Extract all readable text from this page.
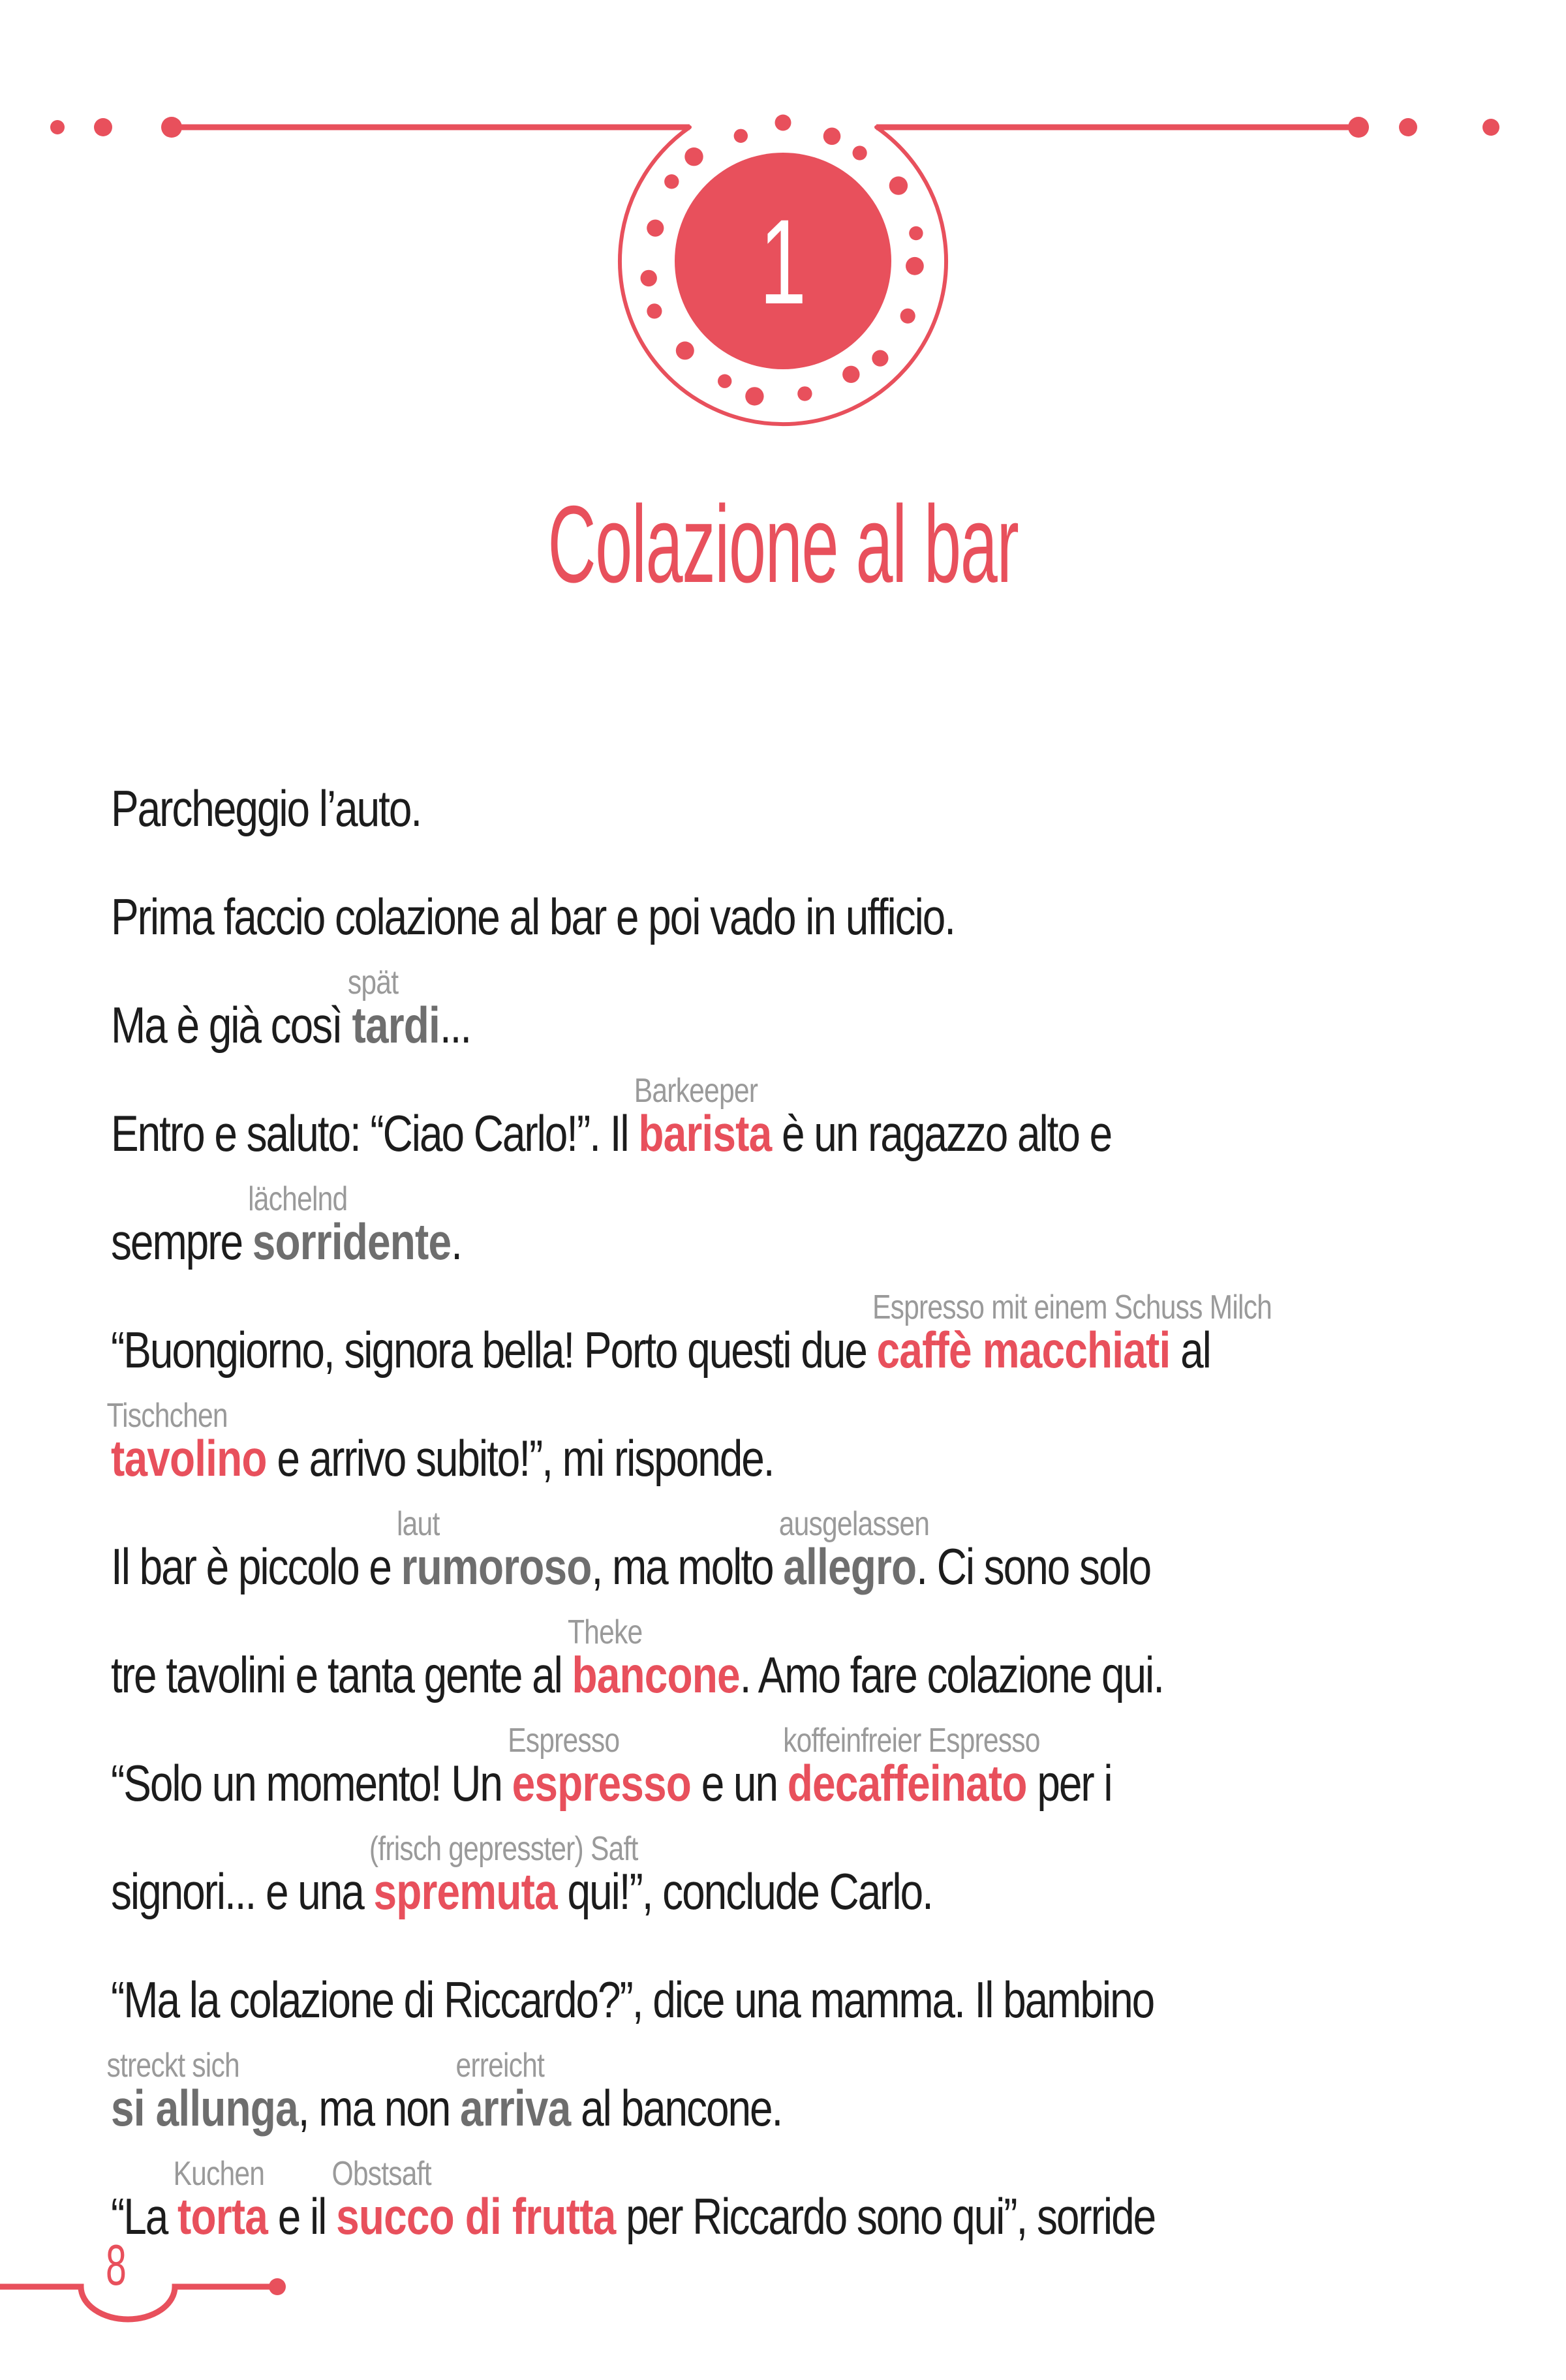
1
Colazione al bar
Parcheggio l’auto.
Prima faccio colazione al bar e poi vado in ufficio.
Ma è già così
spät
tardi...
Entro e saluto: “Ciao Carlo!”. Il
Barkeeper
barista è un ragazzo alto e
sempre
lächelnd
sorridente.
“Buongiorno, signora bella! Porto questi due
Espresso mit einem Schuss Milch
caffè macchiati al
Tischchen
tavolino e arrivo subito!”, mi risponde.
Il bar è piccolo e
laut
rumoroso, ma molto
ausgelassen
allegro. Ci sono solo
tre tavolini e tanta gente al
Theke
bancone. Amo fare colazione qui.
“Solo un momento! Un
Espresso
espresso e un
koffeinfreier Espresso
decaffeinato per i
signori... e una
(frisch gepresster) Saft
spremuta qui!”, conclude Carlo.
“Ma la colazione di Riccardo?”, dice una mamma. Il bambino
streckt sich
si allunga, ma non
erreicht
arriva al bancone.
“La
Kuchen
torta e il
Obstsaft
succo di frutta per Riccardo sono qui”, sorride
8
